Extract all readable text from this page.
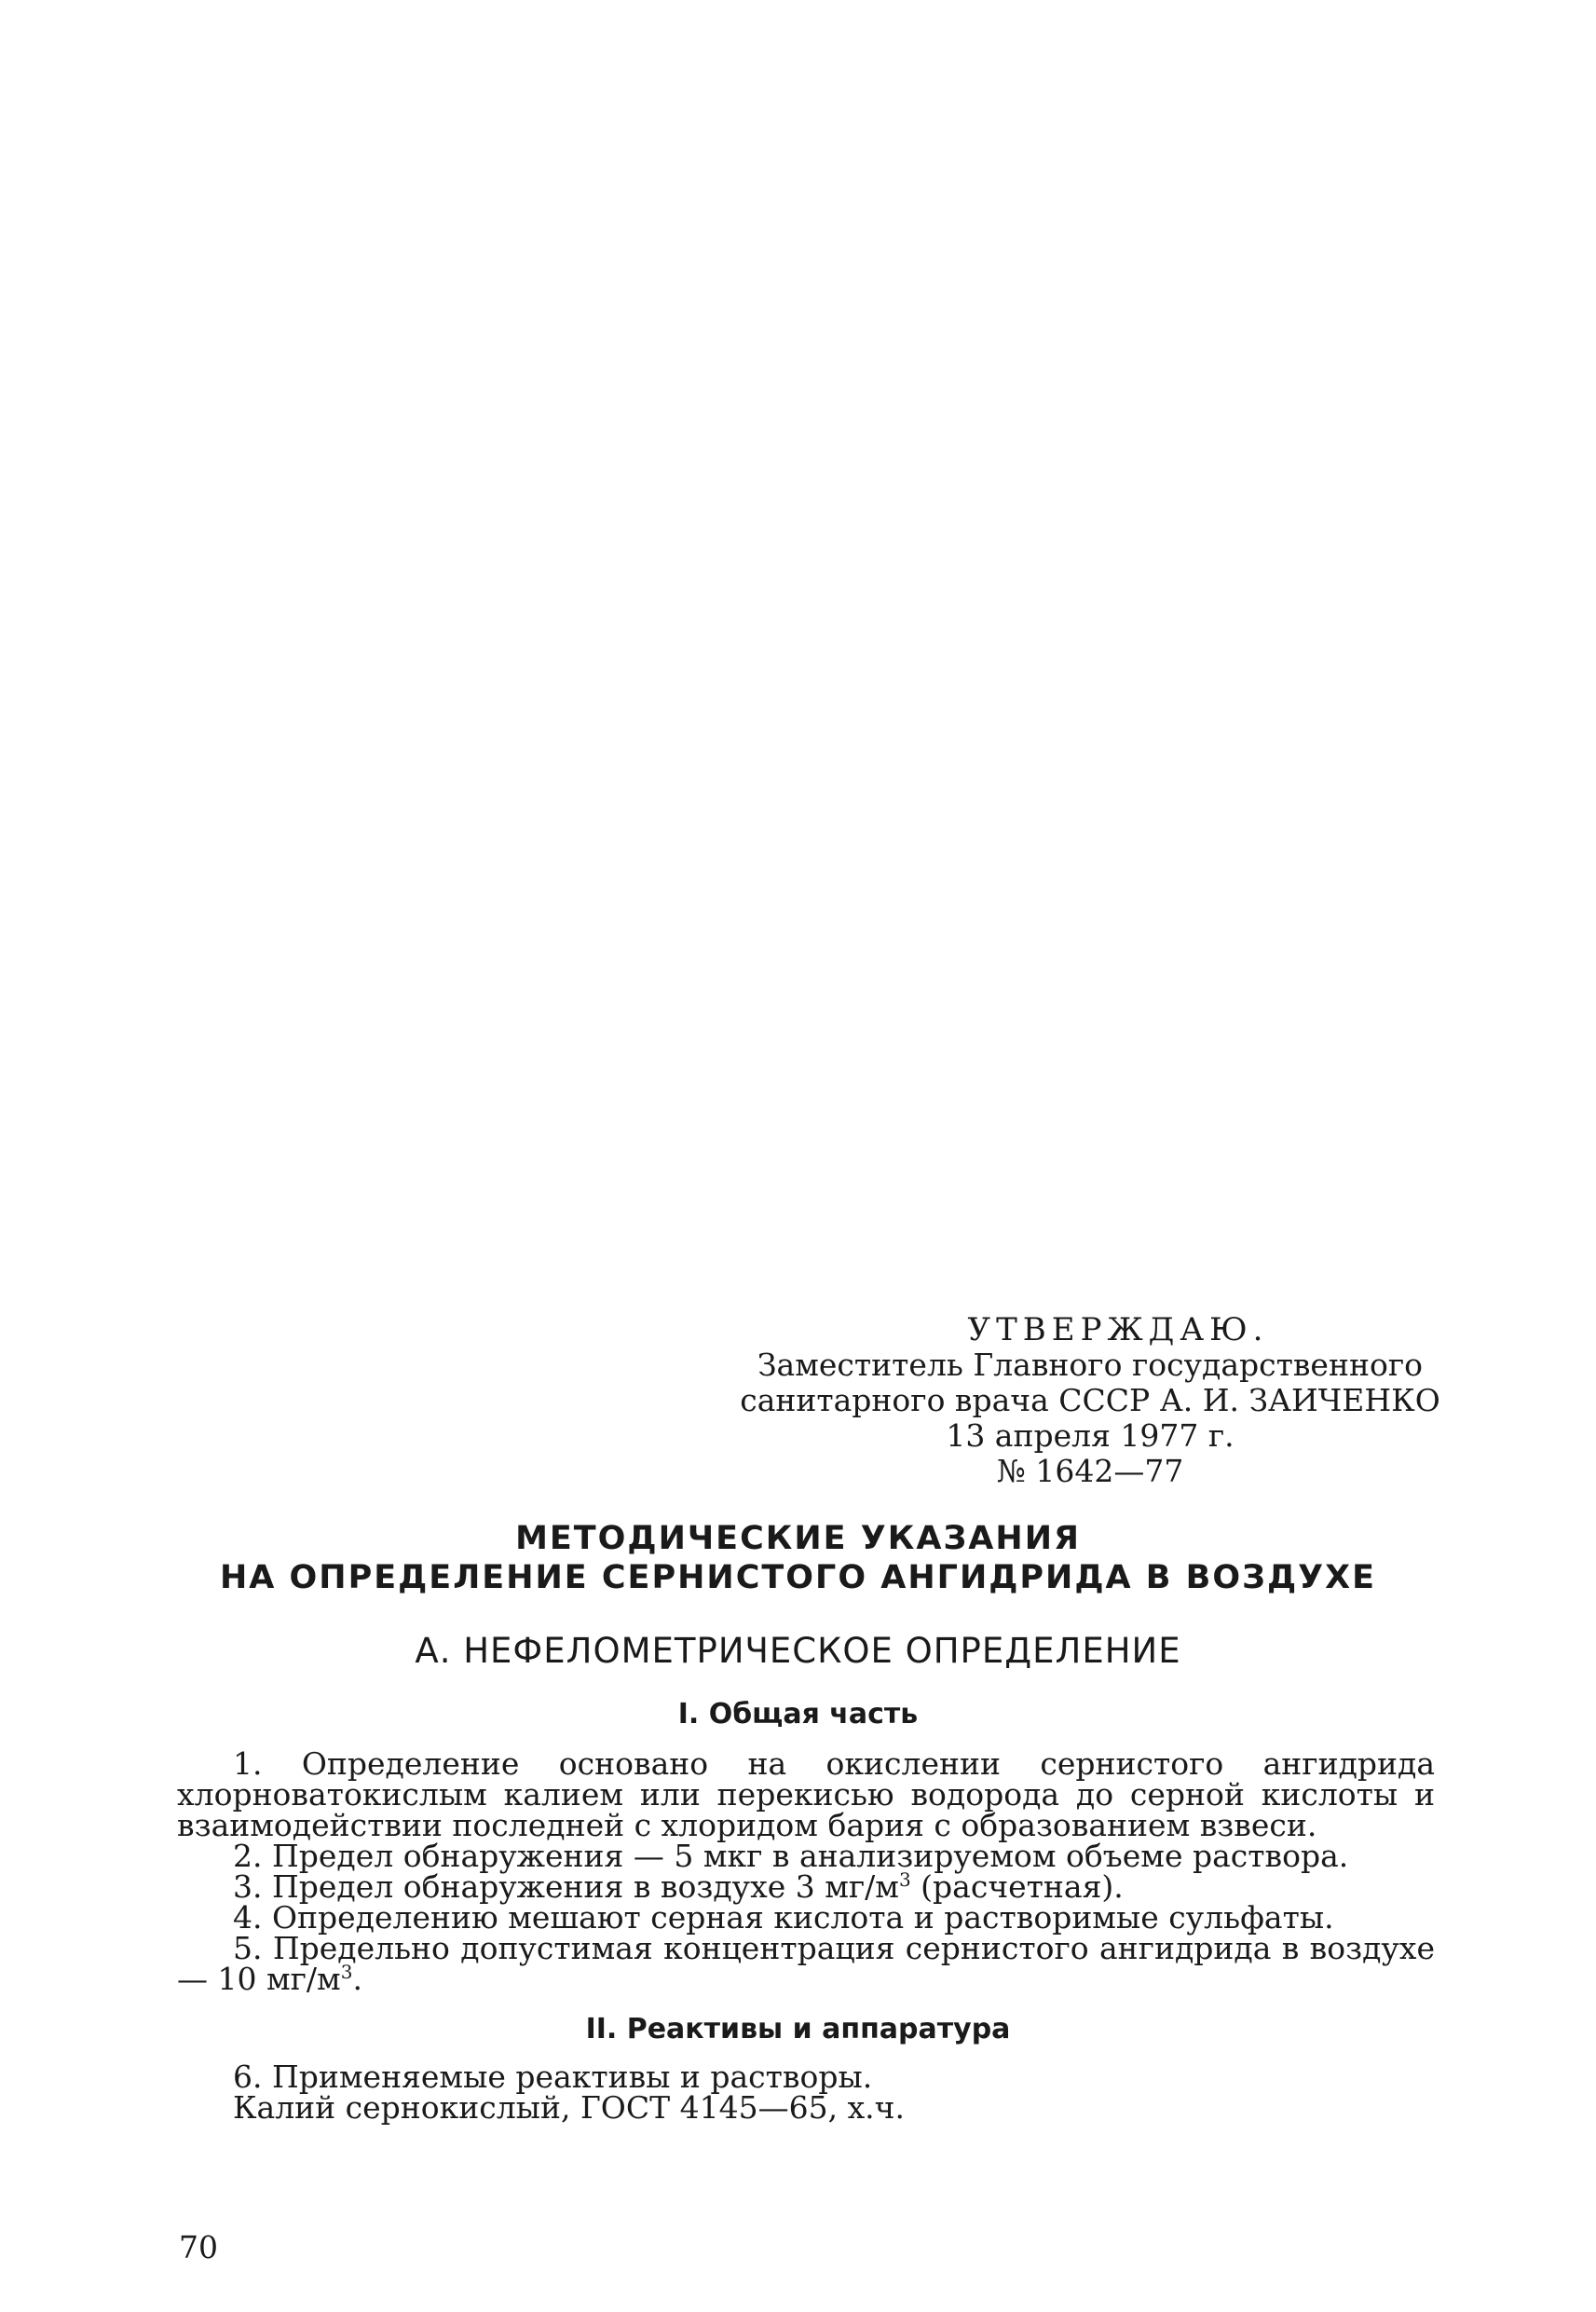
УТВЕРЖДАЮ.
Заместитель Главного государственного
санитарного врача СССР А. И. ЗАИЧЕНКО
13 апреля 1977 г.
№ 1642—77
МЕТОДИЧЕСКИЕ УКАЗАНИЯ
НА ОПРЕДЕЛЕНИЕ СЕРНИСТОГО АНГИДРИДА В ВОЗДУХЕ
А. НЕФЕЛОМЕТРИЧЕСКОЕ ОПРЕДЕЛЕНИЕ
I. Общая часть

1. Определение основано на окислении сернистого ангидрида хлорноватокислым калием или перекисью водорода до серной кислоты и взаимодействии последней с хлоридом бария с образованием взвеси.

2. Предел обнаружения — 5 мкг в анализируемом объеме раствора.

3. Предел обнаружения в воздухе 3 $мг/м^3$ (расчетная).

4. Определению мешают серная кислота и растворимые сульфаты.

5. Предельно допустимая концентрация сернистого ангидрида в воздухе— 10 $мг/м^3$.

II. Реактивы и аппаратура

6. Применяемые реактивы и растворы.

Калий сернокислый, ГОСТ 4145—65, х.ч.

70
